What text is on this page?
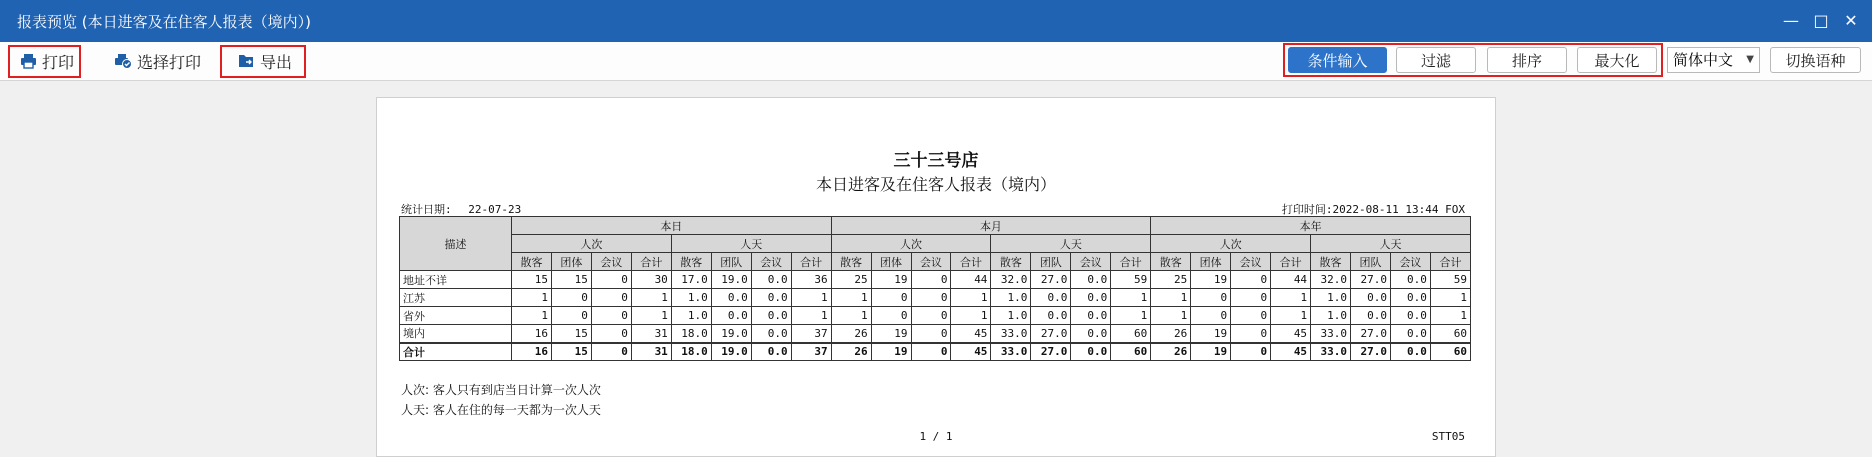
报表预览 (本日进客及在住客人报表（境内）)	— □ ✕
打印	选择打印	导出	条件输入	过滤	排序	最大化	简体中文 ▼	切换语种
三十三号店
本日进客及在住客人报表（境内）
统计日期: 22-07-23	打印时间:2022-08-11 13:44 FOX
描述	本日								本月								本年							
	人次				人天				人次				人天				人次				人天			
	散客	团体	会议	合计	散客	团队	会议	合计	散客	团体	会议	合计	散客	团队	会议	合计	散客	团体	会议	合计	散客	团队	会议	合计
地址不详	15	15	0	30	17.0	19.0	0.0	36	25	19	0	44	32.0	27.0	0.0	59	25	19	0	44	32.0	27.0	0.0	59
江苏	1	0	0	1	1.0	0.0	0.0	1	1	0	0	1	1.0	0.0	0.0	1	1	0	0	1	1.0	0.0	0.0	1
省外	1	0	0	1	1.0	0.0	0.0	1	1	0	0	1	1.0	0.0	0.0	1	1	0	0	1	1.0	0.0	0.0	1
境内	16	15	0	31	18.0	19.0	0.0	37	26	19	0	45	33.0	27.0	0.0	60	26	19	0	45	33.0	27.0	0.0	60
合计	16	15	0	31	18.0	19.0	0.0	37	26	19	0	45	33.0	27.0	0.0	60	26	19	0	45	33.0	27.0	0.0	60
人次: 客人只有到店当日计算一次人次
人天: 客人在住的每一天都为一次人天
1 / 1	STT05
